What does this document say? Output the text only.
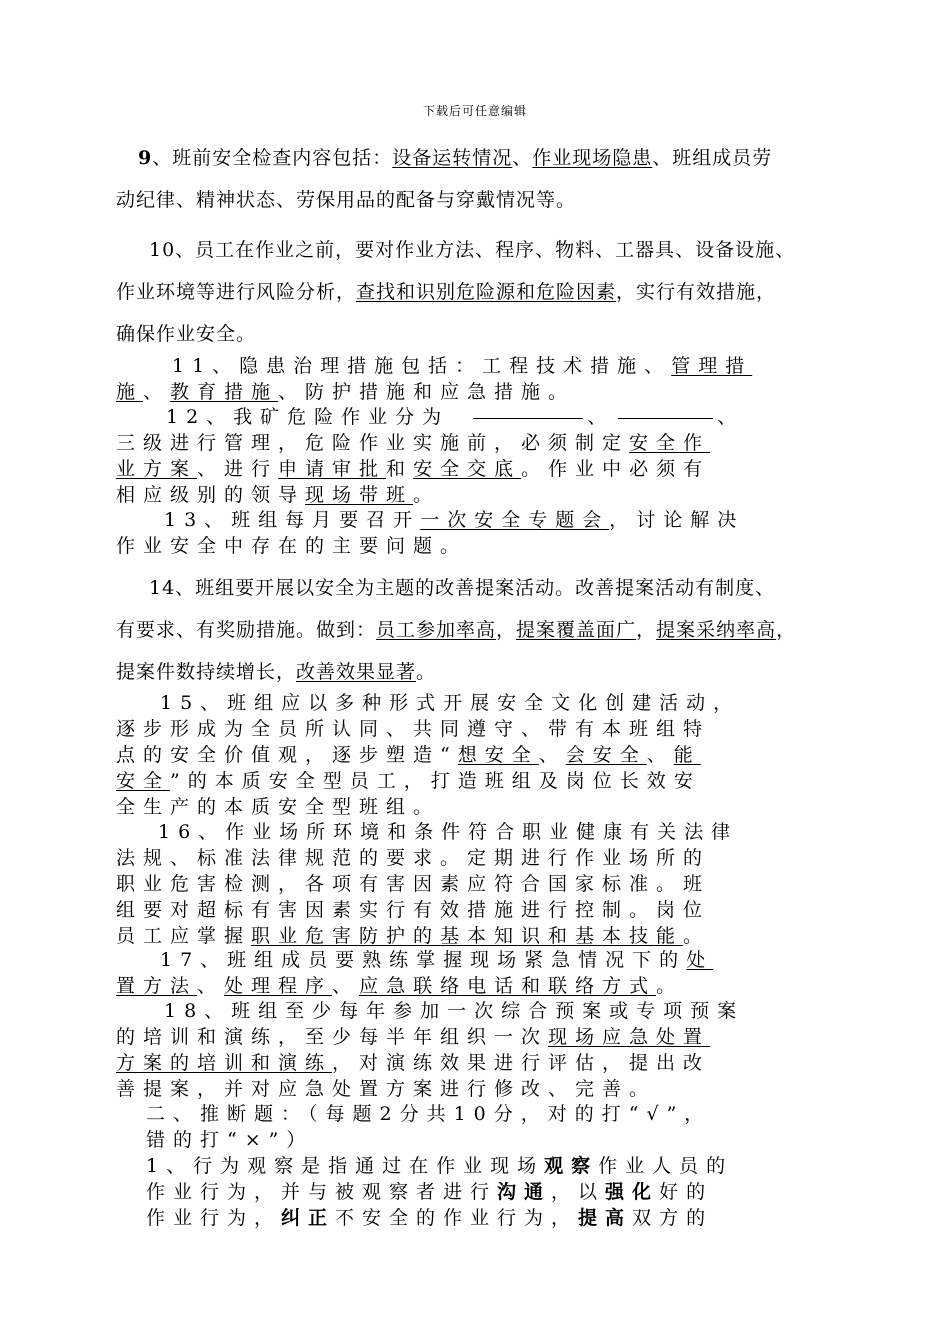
下载后可任意编辑
9、班前安全检查内容包括：设备运转情况、作业现场隐患、班组成员劳
动纪律、精神状态、劳保用品的配备与穿戴情况等。
10、员工在作业之前，要对作业方法、程序、物料、工器具、设备设施、
作业环境等进行风险分析，查找和识别危险源和危险因素，实行有效措施，
确保作业安全。
11、隐患治理措施包括：工程技术措施、管理措
施、教育措施、防护措施和应急措施。
12、我矿危险作业分为	、	、
三级进行管理，危险作业实施前，必须制定安全作
业方案、进行申请审批和安全交底。作业中必须有
相应级别的领导现场带班。
13、班组每月要召开一次安全专题会，讨论解决
作业安全中存在的主要问题。
14、班组要开展以安全为主题的改善提案活动。改善提案活动有制度、
有要求、有奖励措施。做到：员工参加率高，提案覆盖面广，提案采纳率高，
提案件数持续增长，改善效果显著。
15、班组应以多种形式开展安全文化创建活动，
逐步形成为全员所认同、共同遵守、带有本班组特
点的安全价值观，逐步塑造“想安全、会安全、能
安全”的本质安全型员工，打造班组及岗位长效安
全生产的本质安全型班组。
16、作业场所环境和条件符合职业健康有关法律
法规、标准法律规范的要求。定期进行作业场所的
职业危害检测，各项有害因素应符合国家标准。班
组要对超标有害因素实行有效措施进行控制。岗位
员工应掌握职业危害防护的基本知识和基本技能。
17、班组成员要熟练掌握现场紧急情况下的处
置方法、处理程序、应急联络电话和联络方式。
18、班组至少每年参加一次综合预案或专项预案
的培训和演练，至少每半年组织一次现场应急处置
方案的培训和演练，对演练效果进行评估，提出改
善提案，并对应急处置方案进行修改、完善。
二、推断题：（每题2分共10分，对的打“√”，
错的打“×”）
1、行为观察是指通过在作业现场观察作业人员的
作业行为，并与被观察者进行沟通，以强化好的
作业行为，纠正不安全的作业行为，提高双方的
